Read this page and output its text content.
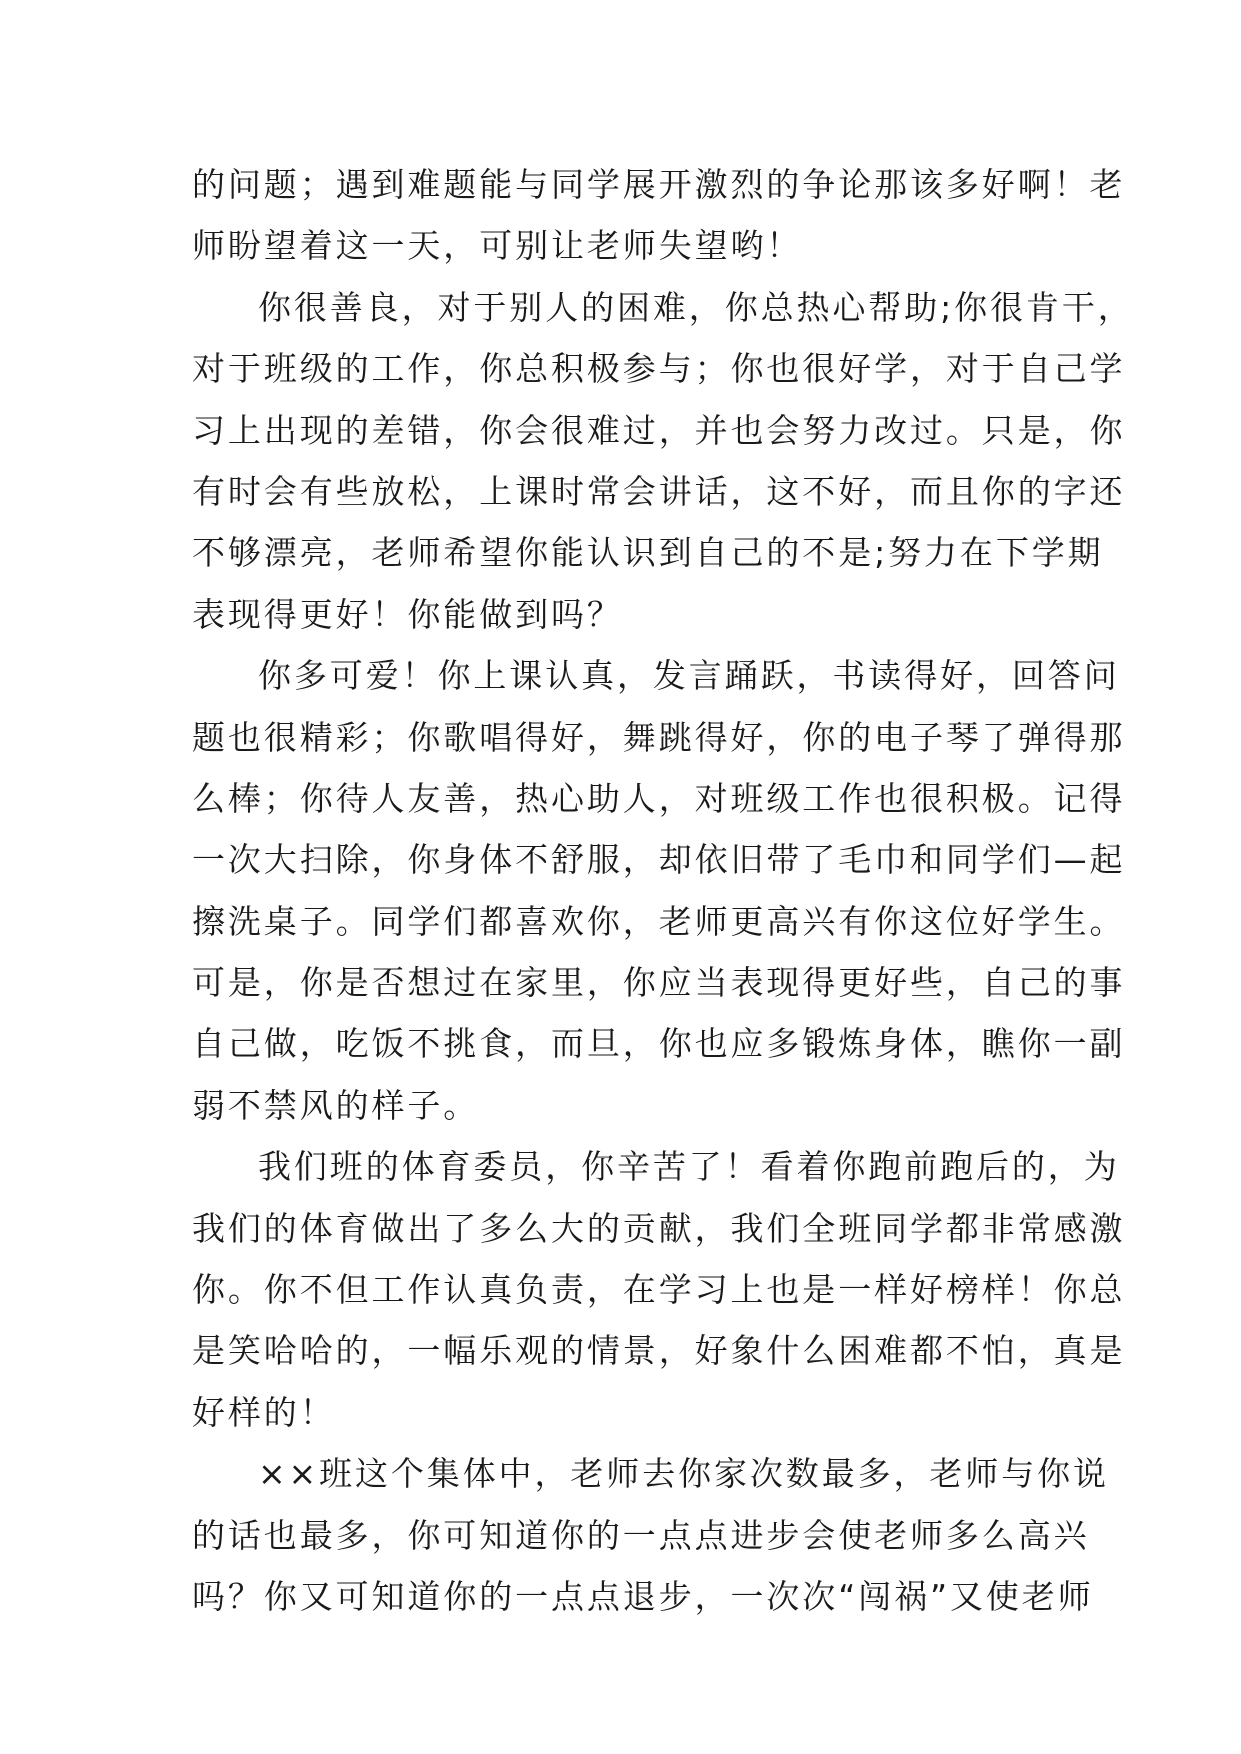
的问题；遇到难题能与同学展开激烈的争论那该多好啊！老
师盼望着这一天，可别让老师失望哟！
你很善良，对于别人的困难，你总热心帮助;你很肯干，
对于班级的工作，你总积极参与；你也很好学，对于自己学
习上出现的差错，你会很难过，并也会努力改过。只是，你
有时会有些放松，上课时常会讲话，这不好，而且你的字还
不够漂亮，老师希望你能认识到自己的不是;努力在下学期
表现得更好！你能做到吗？
你多可爱！你上课认真，发言踊跃，书读得好，回答问
题也很精彩；你歌唱得好，舞跳得好，你的电子琴了弹得那
么棒；你待人友善，热心助人，对班级工作也很积极。记得
一次大扫除，你身体不舒服，却依旧带了毛巾和同学们—起
擦洗桌子。同学们都喜欢你，老师更高兴有你这位好学生。
可是，你是否想过在家里，你应当表现得更好些，自己的事
自己做，吃饭不挑食，而旦，你也应多锻炼身体，瞧你一副
弱不禁风的样子。
我们班的体育委员，你辛苦了！看着你跑前跑后的，为
我们的体育做出了多么大的贡献，我们全班同学都非常感激
你。你不但工作认真负责，在学习上也是一样好榜样！你总
是笑哈哈的，一幅乐观的情景，好象什么困难都不怕，真是
好样的！
××班这个集体中，老师去你家次数最多，老师与你说
的话也最多，你可知道你的一点点进步会使老师多么高兴
吗？你又可知道你的一点点退步，一次次“闯祸”又使老师
